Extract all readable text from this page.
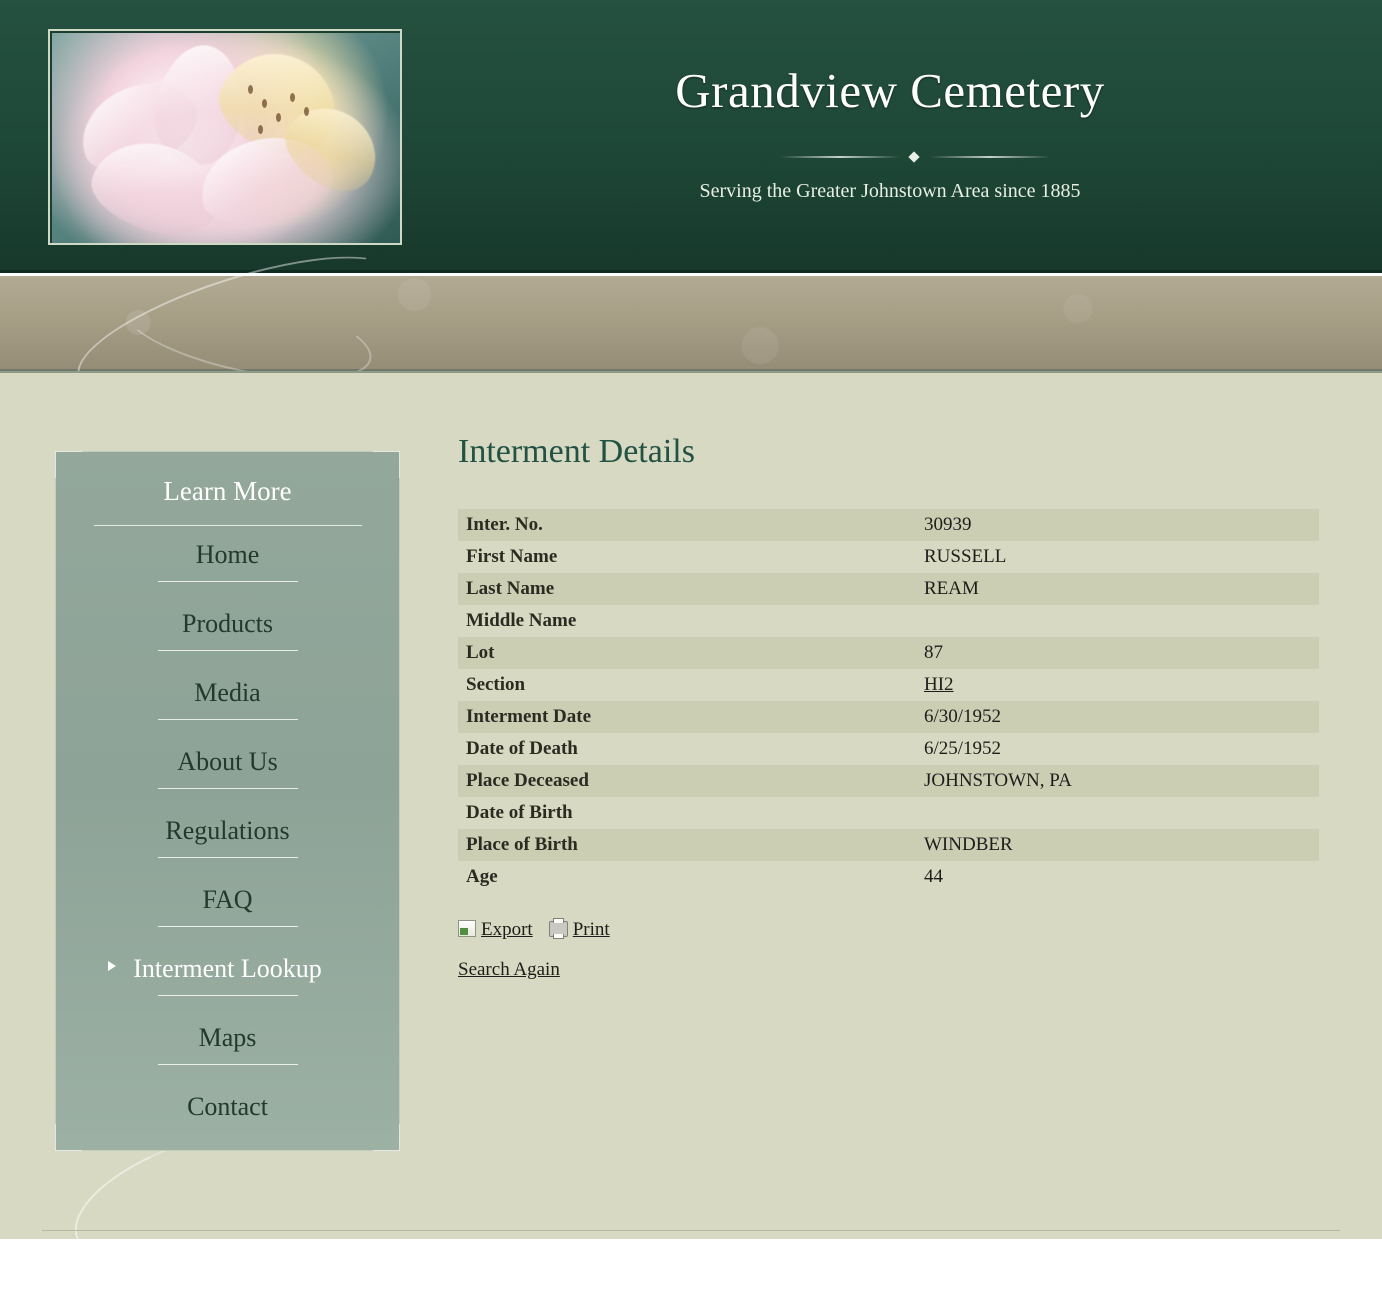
Grandview Cemetery
Serving the Greater Johnstown Area since 1885
Learn More
Home
Products
Media
About Us
Regulations
FAQ
Interment Lookup
Maps
Contact
Interment Details
Inter. No.	30939
First Name	RUSSELL
Last Name	REAM
Middle Name	
Lot	87
Section	HI2
Interment Date	6/30/1952
Date of Death	6/25/1952
Place Deceased	JOHNSTOWN, PA
Date of Birth	
Place of Birth	WINDBER
Age	44
Export Print
Search Again
